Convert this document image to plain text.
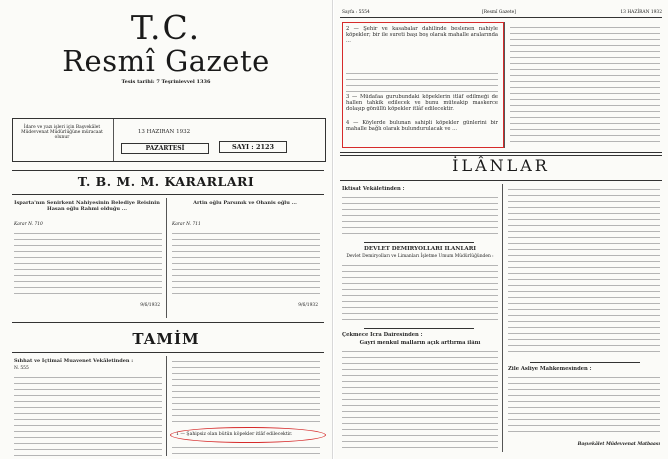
T.C.
Resmî Gazete
Tesis tarihi: 7 Teşrinievvel 1336
İdare ve yazı işleri için Başvekâlet Müdevvenat Müdürlüğüne müracaat olunur
13 HAZİRAN 1932
PAZARTESİ	SAYI : 2123
T. B. M. M. KARARLARI
İsparta'nın Senirkent Nahiyesinin Belediye Reisinin Hasan oğlu Rahmi olduğu ...
Karar N. 710
9/6/1932
Artin oğlu Parsınık ve Ohanis oğlu ...
Karar N. 711
9/6/1932
TAMİM
Sıhhat ve İçtimaî Muavenet Vekâletinden :
N. 555
1 — Şahipsiz olan bütün köpekler itlâf edilecektir.
Sayfa : 5554	[Resmî Gazete]	13 HAZİRAN 1932
2 — Şehir ve kasabalar dahilinde beslenen nahiyle köpekler; bir ile sureti başı boş olarak mahalle aralarında ...
3 — Müdafaa gurubundaki köpeklerin itlâf edilmeği de hallen tahkik edilecek ve bunu müteakip maskerce dolaşıp gönüllü köpekler itlâf edilecektir.
4 — Köylerde bulunan sahipli köpekler günlerini bir mahalle bağlı olarak bulundurulacak ve ...
İLÂNLAR
İktisat Vekâletinden :
DEVLET DEMİRYOLLARI İLÂNLARI
Devlet Demiryolları ve Limanları İşletme Umum Müdürlüğünden :
Çekmece İcra Dairesinden :
Gayri menkul malların açık arttırma ilânı
Zile Asliye Mahkemesinden :
Başvekâlet Müdevvenat Matbaası
